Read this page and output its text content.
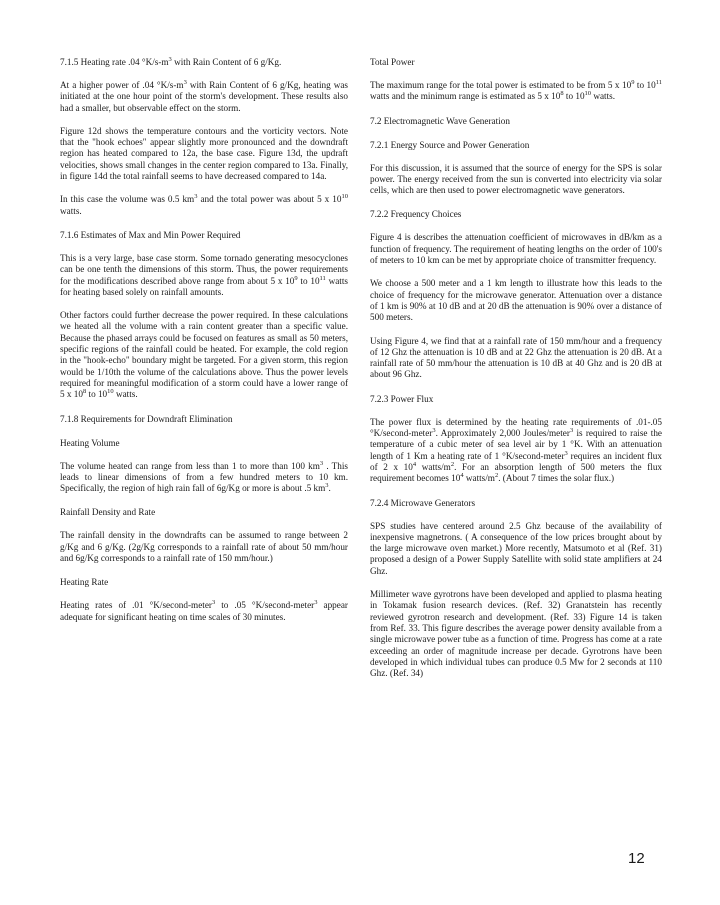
7.1.5 Heating rate .04 $^\circ K/s-m^3$ with Rain Content of 6 g/Kg.
At a higher power of .04 $^\circ K/s-m^3$ with Rain Content of 6 g/Kg, heating was initiated at the one hour point of the storm's development. These results also had a smaller, but observable effect on the storm.
Figure 12d shows the temperature contours and the vorticity vectors. Note that the "hook echoes" appear slightly more pronounced and the downdraft region has heated compared to 12a, the base case. Figure 13d, the updraft velocities, shows small changes in the center region compared to 13a. Finally, in figure 14d the total rainfall seems to have decreased compared to 14a.
In this case the volume was 0.5 $km^3$ and the total power was about 5 x $10^{10}$ watts.
7.1.6 Estimates of Max and Min Power Required
This is a very large, base case storm. Some tornado generating mesocyclones can be one tenth the dimensions of this storm. Thus, the power requirements for the modifications described above range from about 5 x $10^9$ to $10^{11}$ watts for heating based solely on rainfall amounts.
Other factors could further decrease the power required. In these calculations we heated all the volume with a rain content greater than a specific value. Because the phased arrays could be focused on features as small as 50 meters, specific regions of the rainfall could be heated. For example, the cold region in the "hook-echo" boundary might be targeted. For a given storm, this region would be 1/10th the volume of the calculations above. Thus the power levels required for meaningful modification of a storm could have a lower range of 5 x $10^8$ to $10^{10}$ watts.
7.1.8 Requirements for Downdraft Elimination
Heating Volume
The volume heated can range from less than 1 to more than 100 $km^3$ . This leads to linear dimensions of from a few hundred meters to 10 km. Specifically, the region of high rain fall of 6g/Kg or more is about .5 $km^3$.
Rainfall Density and Rate
The rainfall density in the downdrafts can be assumed to range between 2 g/Kg and 6 g/Kg. (2g/Kg corresponds to a rainfall rate of about 50 mm/hour and 6g/Kg corresponds to a rainfall rate of 150 mm/hour.)
Heating Rate
Heating rates of .01 °K/second-meter$^3$ to .05 °K/second-meter$^3$ appear adequate for significant heating on time scales of 30 minutes.
Total Power
The maximum range for the total power is estimated to be from 5 x $10^9$ to $10^{11}$ watts and the minimum range is estimated as 5 x $10^8$ to $10^{10}$ watts.
7.2 Electromagnetic Wave Generation
7.2.1 Energy Source and Power Generation
For this discussion, it is assumed that the source of energy for the SPS is solar power. The energy received from the sun is converted into electricity via solar cells, which are then used to power electromagnetic wave generators.
7.2.2 Frequency Choices
Figure 4 is describes the attenuation coefficient of microwaves in dB/km as a function of frequency. The requirement of heating lengths on the order of 100's of meters to 10 km can be met by appropriate choice of transmitter frequency.
We choose a 500 meter and a 1 km length to illustrate how this leads to the choice of frequency for the microwave generator. Attenuation over a distance of 1 km is 90% at 10 dB and at 20 dB the attenuation is 90% over a distance of 500 meters.
Using Figure 4, we find that at a rainfall rate of 150 mm/hour and a frequency of 12 Ghz the attenuation is 10 dB and at 22 Ghz the attenuation is 20 dB. At a rainfall rate of 50 mm/hour the attenuation is 10 dB at 40 Ghz and is 20 dB at about 96 Ghz.
7.2.3 Power Flux
The power flux is determined by the heating rate requirements of .01-.05 °K/second-meter$^3$. Approximately 2,000 Joules/meter$^3$ is required to raise the temperature of a cubic meter of sea level air by 1 °K. With an attenuation length of 1 Km a heating rate of 1 °K/second-meter$^3$ requires an incident flux of 2 x $10^4$ watts/$m^2$. For an absorption length of 500 meters the flux requirement becomes $10^4$ watts/$m^2$. (About 7 times the solar flux.)
7.2.4 Microwave Generators
SPS studies have centered around 2.5 Ghz because of the availability of inexpensive magnetrons. ( A consequence of the low prices brought about by the large microwave oven market.) More recently, Matsumoto et al (Ref. 31) proposed a design of a Power Supply Satellite with solid state amplifiers at 24 Ghz.
Millimeter wave gyrotrons have been developed and applied to plasma heating in Tokamak fusion research devices. (Ref. 32) Granatstein has recently reviewed gyrotron research and development. (Ref. 33) Figure 14 is taken from Ref. 33. This figure describes the average power density available from a single microwave power tube as a function of time. Progress has come at a rate exceeding an order of magnitude increase per decade. Gyrotrons have been developed in which individual tubes can produce 0.5 Mw for 2 seconds at 110 Ghz. (Ref. 34)
12
